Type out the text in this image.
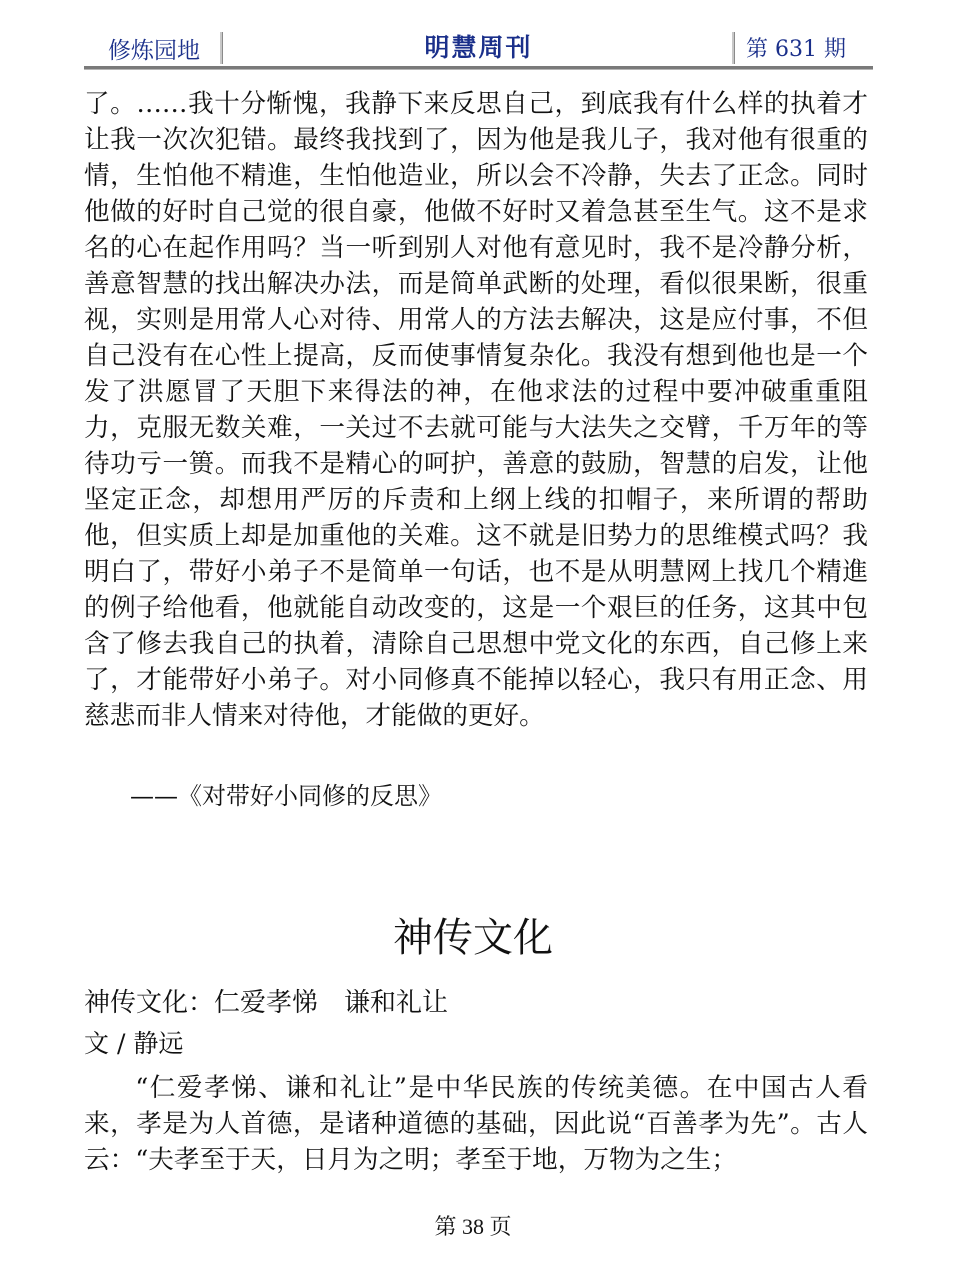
修炼园地	明慧周刊	第 631 期

了。……我十分惭愧，我静下来反思自己，到底我有什么样的执着才让我一次次犯错。最终我找到了，因为他是我儿子，我对他有很重的情，生怕他不精進，生怕他造业，所以会不冷静，失去了正念。同时他做的好时自己觉的很自豪，他做不好时又着急甚至生气。这不是求名的心在起作用吗？当一听到别人对他有意见时，我不是冷静分析，善意智慧的找出解决办法，而是简单武断的处理，看似很果断，很重视，实则是用常人心对待、用常人的方法去解决，这是应付事，不但自己没有在心性上提高，反而使事情复杂化。我没有想到他也是一个发了洪愿冒了天胆下来得法的神，在他求法的过程中要冲破重重阻力，克服无数关难，一关过不去就可能与大法失之交臂，千万年的等待功亏一篑。而我不是精心的呵护，善意的鼓励，智慧的启发，让他坚定正念，却想用严厉的斥责和上纲上线的扣帽子，来所谓的帮助他，但实质上却是加重他的关难。这不就是旧势力的思维模式吗？我明白了，带好小弟子不是简单一句话，也不是从明慧网上找几个精進的例子给他看，他就能自动改变的，这是一个艰巨的任务，这其中包含了修去我自己的执着，清除自己思想中党文化的东西，自己修上来了，才能带好小弟子。对小同修真不能掉以轻心，我只有用正念、用慈悲而非人情来对待他，才能做的更好。

——《对带好小同修的反思》
神传文化
神传文化：仁爱孝悌　谦和礼让
文 / 静远

“仁爱孝悌、谦和礼让”是中华民族的传统美德。在中国古人看来，孝是为人首德，是诸种道德的基础，因此说“百善孝为先”。古人云：“夫孝至于天，日月为之明；孝至于地，万物为之生；

第 38 页
